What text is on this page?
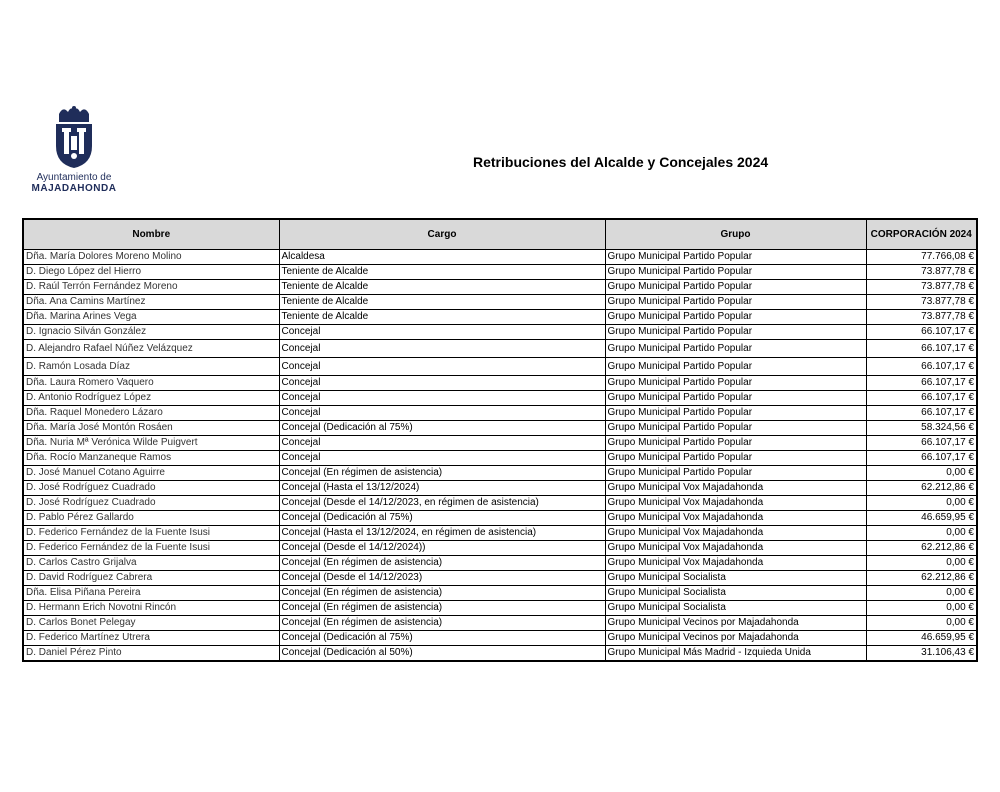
Ayuntamiento de
MAJADAHONDA
Retribuciones del Alcalde y Concejales 2024
Nombre	Cargo	Grupo	CORPORACIÓN 2024
Dña. María Dolores Moreno Molino	Alcaldesa	Grupo Municipal Partido Popular	77.766,08 €
D. Diego López del Hierro	Teniente de Alcalde	Grupo Municipal Partido Popular	73.877,78 €
D. Raúl Terrón Fernández Moreno	Teniente de Alcalde	Grupo Municipal Partido Popular	73.877,78 €
Dña. Ana Camins Martínez	Teniente de Alcalde	Grupo Municipal Partido Popular	73.877,78 €
Dña. Marina Arines Vega	Teniente de Alcalde	Grupo Municipal Partido Popular	73.877,78 €
D. Ignacio Silván González	Concejal	Grupo Municipal Partido Popular	66.107,17 €
D. Alejandro Rafael Núñez Velázquez	Concejal	Grupo Municipal Partido Popular	66.107,17 €
D. Ramón Losada Díaz	Concejal	Grupo Municipal Partido Popular	66.107,17 €
Dña. Laura Romero Vaquero	Concejal	Grupo Municipal Partido Popular	66.107,17 €
D. Antonio Rodríguez López	Concejal	Grupo Municipal Partido Popular	66.107,17 €
Dña. Raquel Monedero Lázaro	Concejal	Grupo Municipal Partido Popular	66.107,17 €
Dña. María José Montón Rosáen	Concejal (Dedicación al 75%)	Grupo Municipal Partido Popular	58.324,56 €
Dña. Nuria Mª Verónica Wilde Puigvert	Concejal	Grupo Municipal Partido Popular	66.107,17 €
Dña. Rocío Manzaneque Ramos	Concejal	Grupo Municipal Partido Popular	66.107,17 €
D. José Manuel Cotano Aguirre	Concejal (En régimen de asistencia)	Grupo Municipal Partido Popular	0,00 €
D. José Rodríguez Cuadrado	Concejal (Hasta el 13/12/2024)	Grupo Municipal Vox Majadahonda	62.212,86 €
D. José Rodríguez Cuadrado	Concejal (Desde el 14/12/2023, en régimen de asistencia)	Grupo Municipal Vox Majadahonda	0,00 €
D. Pablo Pérez Gallardo	Concejal (Dedicación al 75%)	Grupo Municipal Vox Majadahonda	46.659,95 €
D. Federico Fernández de la Fuente Isusi	Concejal (Hasta el 13/12/2024, en régimen de asistencia)	Grupo Municipal Vox Majadahonda	0,00 €
D. Federico Fernández de la Fuente Isusi	Concejal (Desde el 14/12/2024))	Grupo Municipal Vox Majadahonda	62.212,86 €
D. Carlos Castro Grijalva	Concejal (En régimen de asistencia)	Grupo Municipal Vox Majadahonda	0,00 €
D. David Rodríguez Cabrera	Concejal (Desde el 14/12/2023)	Grupo Municipal Socialista	62.212,86 €
Dña. Elisa Piñana Pereira	Concejal (En régimen de asistencia)	Grupo Municipal Socialista	0,00 €
D. Hermann Erich Novotni Rincón	Concejal (En régimen de asistencia)	Grupo Municipal Socialista	0,00 €
D. Carlos Bonet Pelegay	Concejal (En régimen de asistencia)	Grupo Municipal Vecinos por Majadahonda	0,00 €
D. Federico Martínez Utrera	Concejal (Dedicación al 75%)	Grupo Municipal Vecinos por Majadahonda	46.659,95 €
D. Daniel Pérez Pinto	Concejal (Dedicación al 50%)	Grupo Municipal Más Madrid - Izquieda Unida	31.106,43 €
